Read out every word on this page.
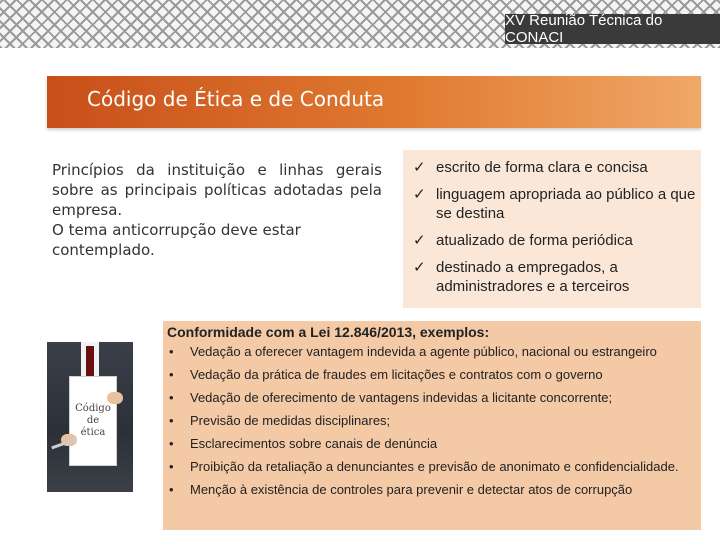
XV Reunião Técnica do CONACI
Código de Ética e de Conduta

Princípios da instituição e linhas gerais sobre as principais políticas adotadas pela empresa.

O tema anticorrupção deve estar contemplado.

✓ escrito de forma clara e concisa
✓ linguagem apropriada ao público a que se destina
✓ atualizado de forma periódica
✓ destinado a empregados, a administradores e a terceiros
Código
de
ética
Conformidade com a Lei 12.846/2013, exemplos:
• Vedação a oferecer vantagem indevida a agente público, nacional ou estrangeiro
• Vedação da prática de fraudes em licitações e contratos com o governo
• Vedação de oferecimento de vantagens indevidas a licitante concorrente;
• Previsão de medidas disciplinares;
• Esclarecimentos sobre canais de denúncia
• Proibição da retaliação a denunciantes e previsão de anonimato e confidencialidade.
• Menção à existência de controles para prevenir e detectar atos de corrupção
